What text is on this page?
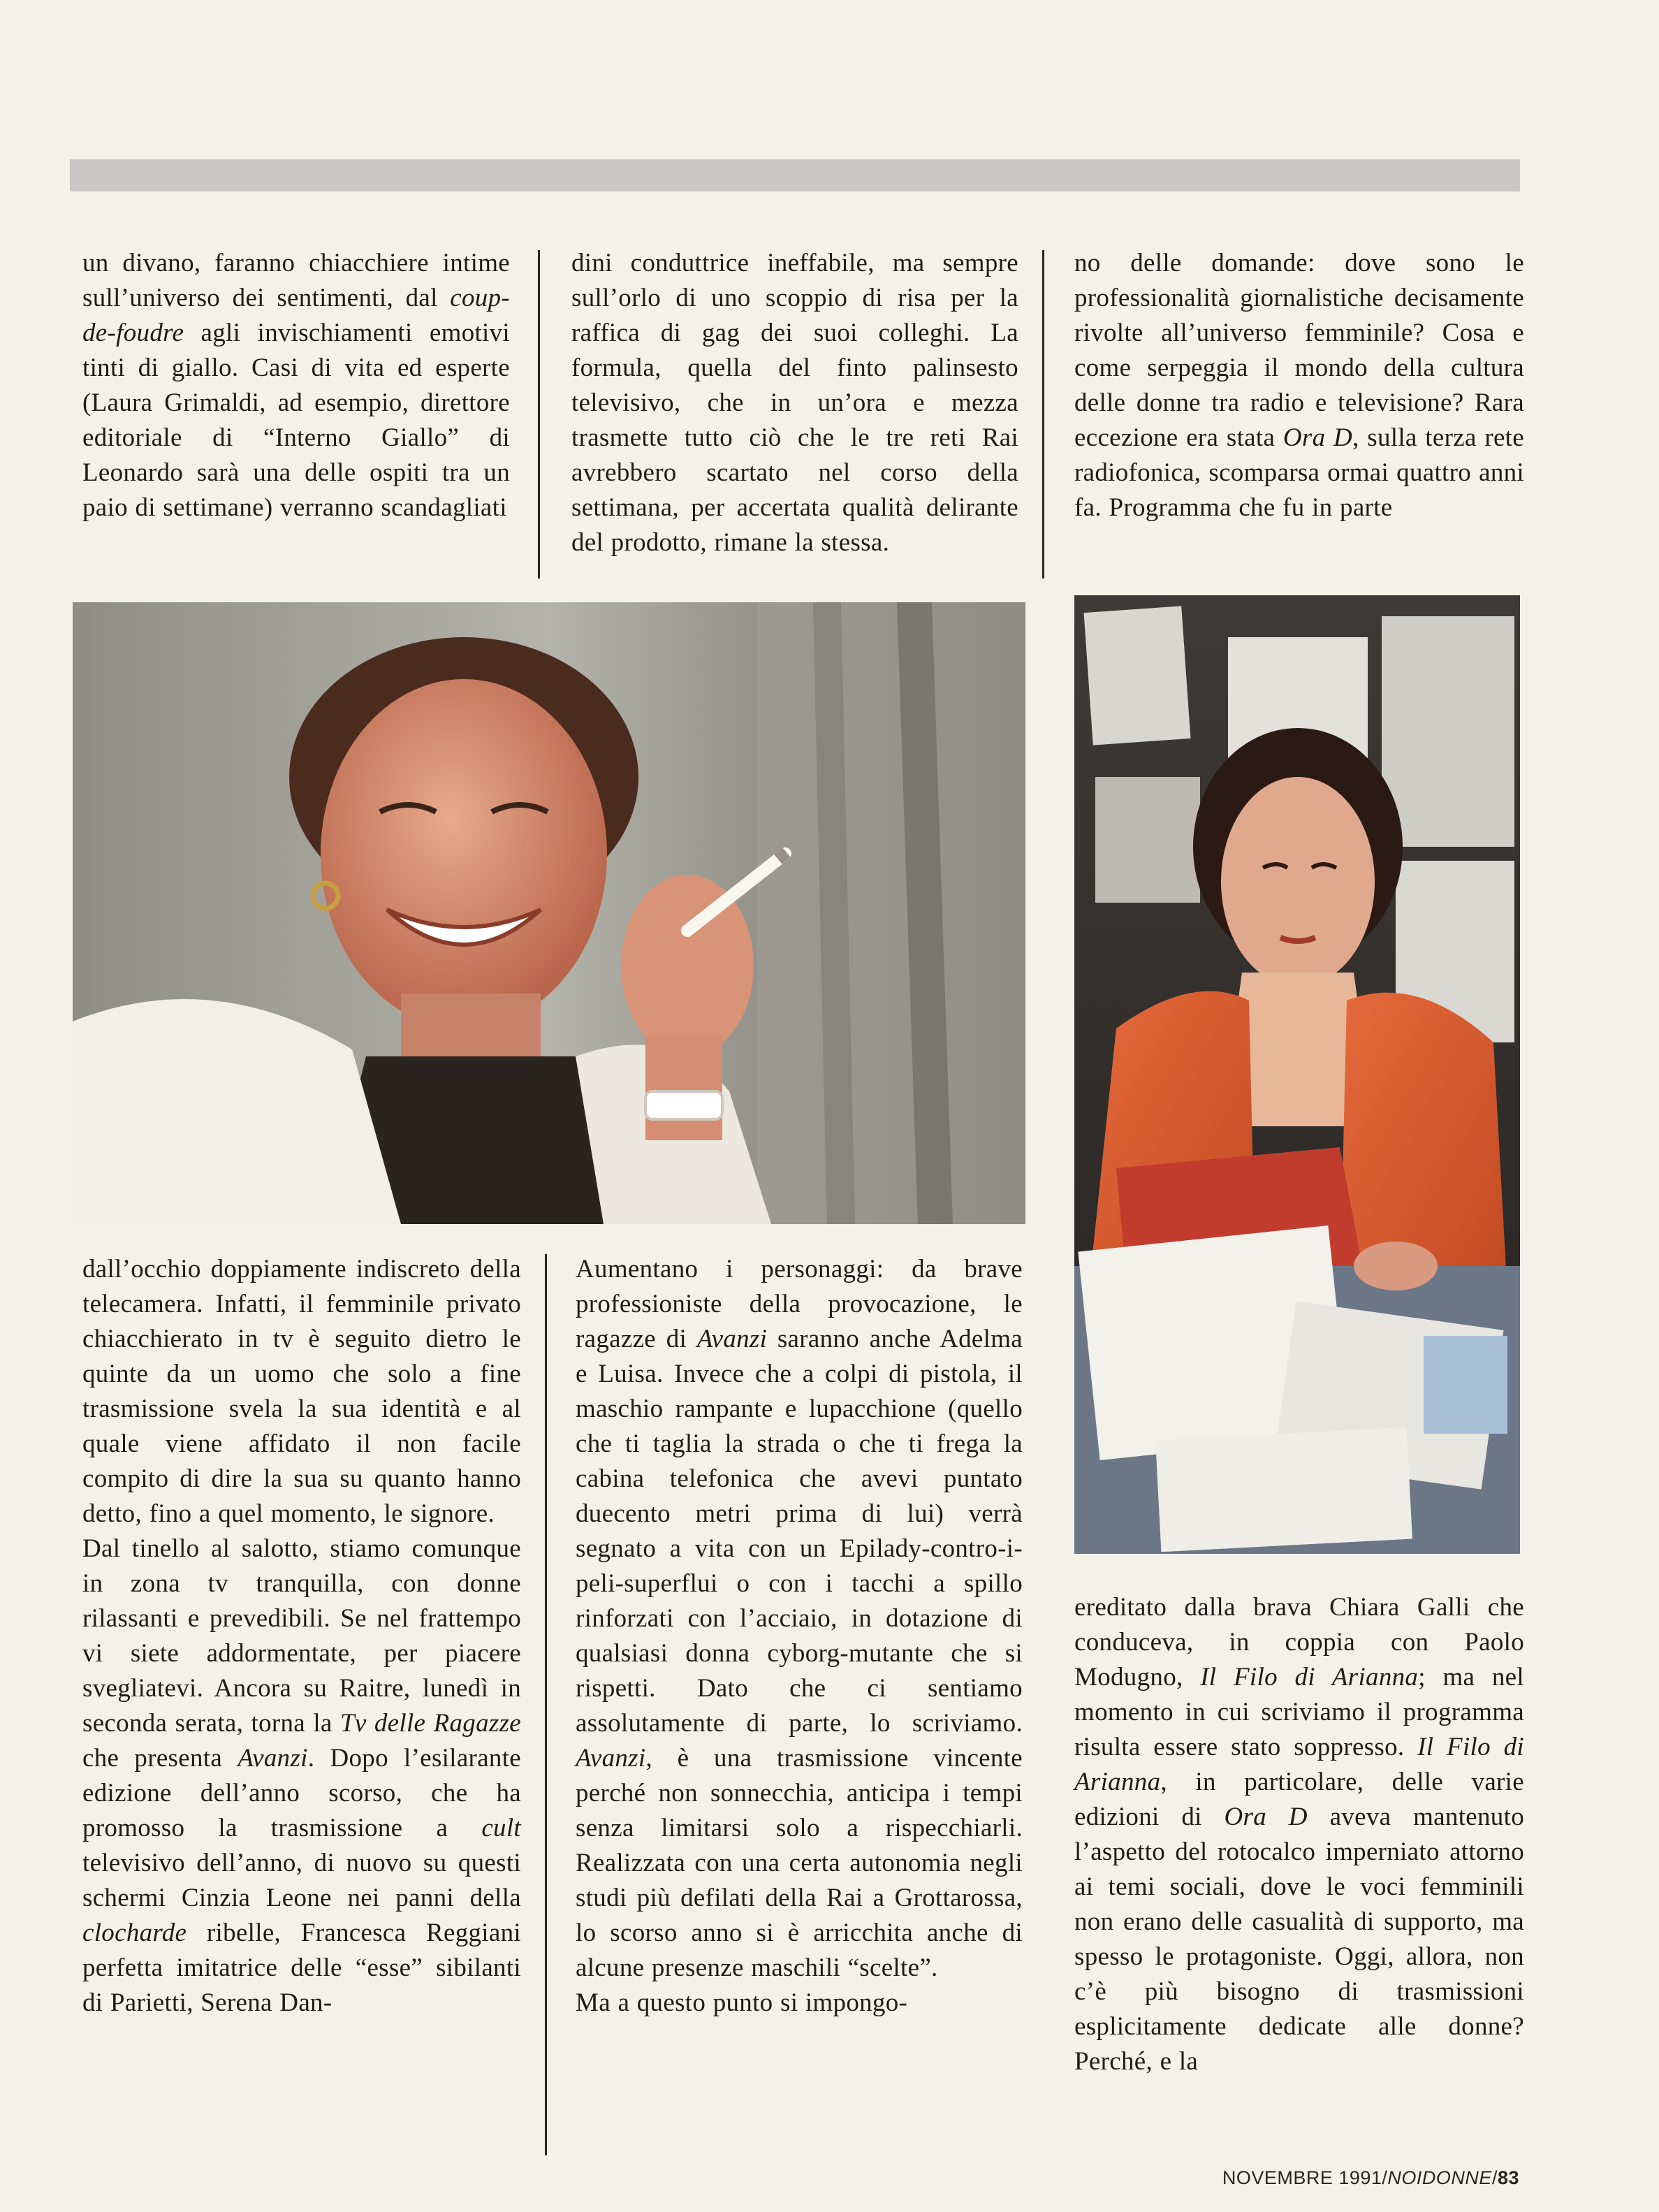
un divano, faranno chiacchiere intime sull’universo dei sentimenti, dal coup-de-foudre agli invischiamenti emotivi tinti di giallo. Casi di vita ed esperte (Laura Grimaldi, ad esempio, direttore editoriale di “Interno Giallo” di Leonardo sarà una delle ospiti tra un paio di settimane) verranno scandagliati

dini conduttrice ineffabile, ma sempre sull’orlo di uno scoppio di risa per la raffica di gag dei suoi colleghi. La formula, quella del finto palinsesto televisivo, che in un’ora e mezza trasmette tutto ciò che le tre reti Rai avrebbero scartato nel corso della settimana, per accertata qualità delirante del prodotto, rimane la stessa.

no delle domande: dove sono le professionalità giornalistiche decisamente rivolte all’universo femminile? Cosa e come serpeggia il mondo della cultura delle donne tra radio e televisione? Rara eccezione era stata Ora D, sulla terza rete radiofonica, scomparsa ormai quattro anni fa. Programma che fu in parte

dall’occhio doppiamente indiscreto della telecamera. Infatti, il femminile privato chiacchierato in tv è seguito dietro le quinte da un uomo che solo a fine trasmissione svela la sua identità e al quale viene affidato il non facile compito di dire la sua su quanto hanno detto, fino a quel momento, le signore.

Dal tinello al salotto, stiamo comunque in zona tv tranquilla, con donne rilassanti e prevedibili. Se nel frattempo vi siete addormentate, per piacere svegliatevi. Ancora su Raitre, lunedì in seconda serata, torna la Tv delle Ragazze che presenta Avanzi. Dopo l’esilarante edizione dell’anno scorso, che ha promosso la trasmissione a cult televisivo dell’anno, di nuovo su questi schermi Cinzia Leone nei panni della clocharde ribelle, Francesca Reggiani perfetta imitatrice delle “esse” sibilanti di Parietti, Serena Dan-

Aumentano i personaggi: da brave professioniste della provocazione, le ragazze di Avanzi saranno anche Adelma e Luisa. Invece che a colpi di pistola, il maschio rampante e lupacchione (quello che ti taglia la strada o che ti frega la cabina telefonica che avevi puntato duecento metri prima di lui) verrà segnato a vita con un Epilady-contro-i-peli-superflui o con i tacchi a spillo rinforzati con l’acciaio, in dotazione di qualsiasi donna cyborg-mutante che si rispetti. Dato che ci sentiamo assolutamente di parte, lo scriviamo. Avanzi, è una trasmissione vincente perché non sonnecchia, anticipa i tempi senza limitarsi solo a rispecchiarli. Realizzata con una certa autonomia negli studi più defilati della Rai a Grottarossa, lo scorso anno si è arricchita anche di alcune presenze maschili “scelte”.

Ma a questo punto si impongo-

ereditato dalla brava Chiara Galli che conduceva, in coppia con Paolo Modugno, Il Filo di Arianna; ma nel momento in cui scriviamo il programma risulta essere stato soppresso. Il Filo di Arianna, in particolare, delle varie edizioni di Ora D aveva mantenuto l’aspetto del rotocalco imperniato attorno ai temi sociali, dove le voci femminili non erano delle casualità di supporto, ma spesso le protagoniste. Oggi, allora, non c’è più bisogno di trasmissioni esplicitamente dedicate alle donne? Perché, e la

NOVEMBRE 1991/NOIDONNE/83
